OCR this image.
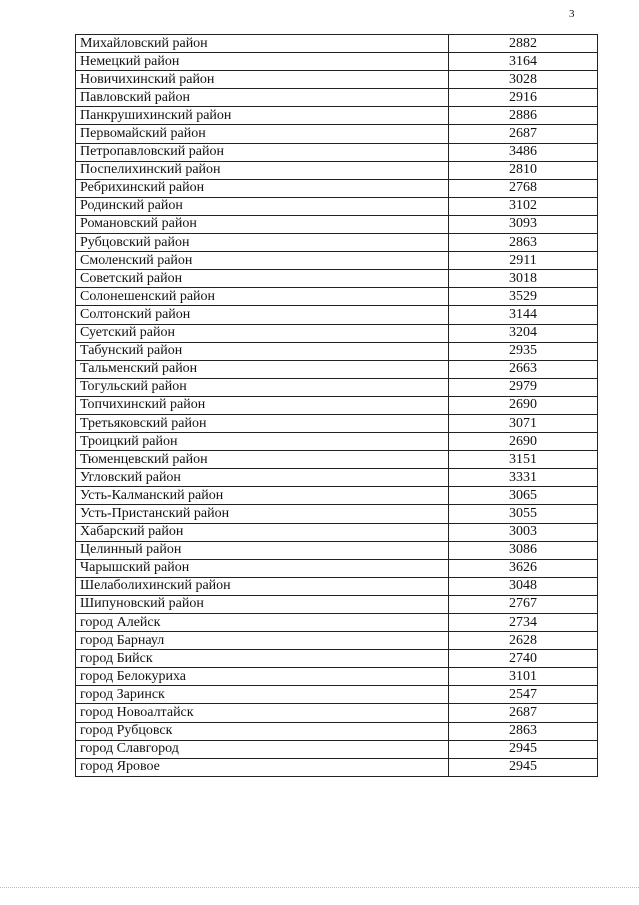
3
Михайловский район	2882
Немецкий район	3164
Новичихинский район	3028
Павловский район	2916
Панкрушихинский район	2886
Первомайский район	2687
Петропавловский район	3486
Поспелихинский район	2810
Ребрихинский район	2768
Родинский район	3102
Романовский район	3093
Рубцовский район	2863
Смоленский район	2911
Советский район	3018
Солонешенский район	3529
Солтонский район	3144
Суетский район	3204
Табунский район	2935
Тальменский район	2663
Тогульский район	2979
Топчихинский район	2690
Третьяковский район	3071
Троицкий район	2690
Тюменцевский район	3151
Угловский район	3331
Усть-Калманский район	3065
Усть-Пристанский район	3055
Хабарский район	3003
Целинный район	3086
Чарышский район	3626
Шелаболихинский район	3048
Шипуновский район	2767
город Алейск	2734
город Барнаул	2628
город Бийск	2740
город Белокуриха	3101
город Заринск	2547
город Новоалтайск	2687
город Рубцовск	2863
город Славгород	2945
город Яровое	2945
